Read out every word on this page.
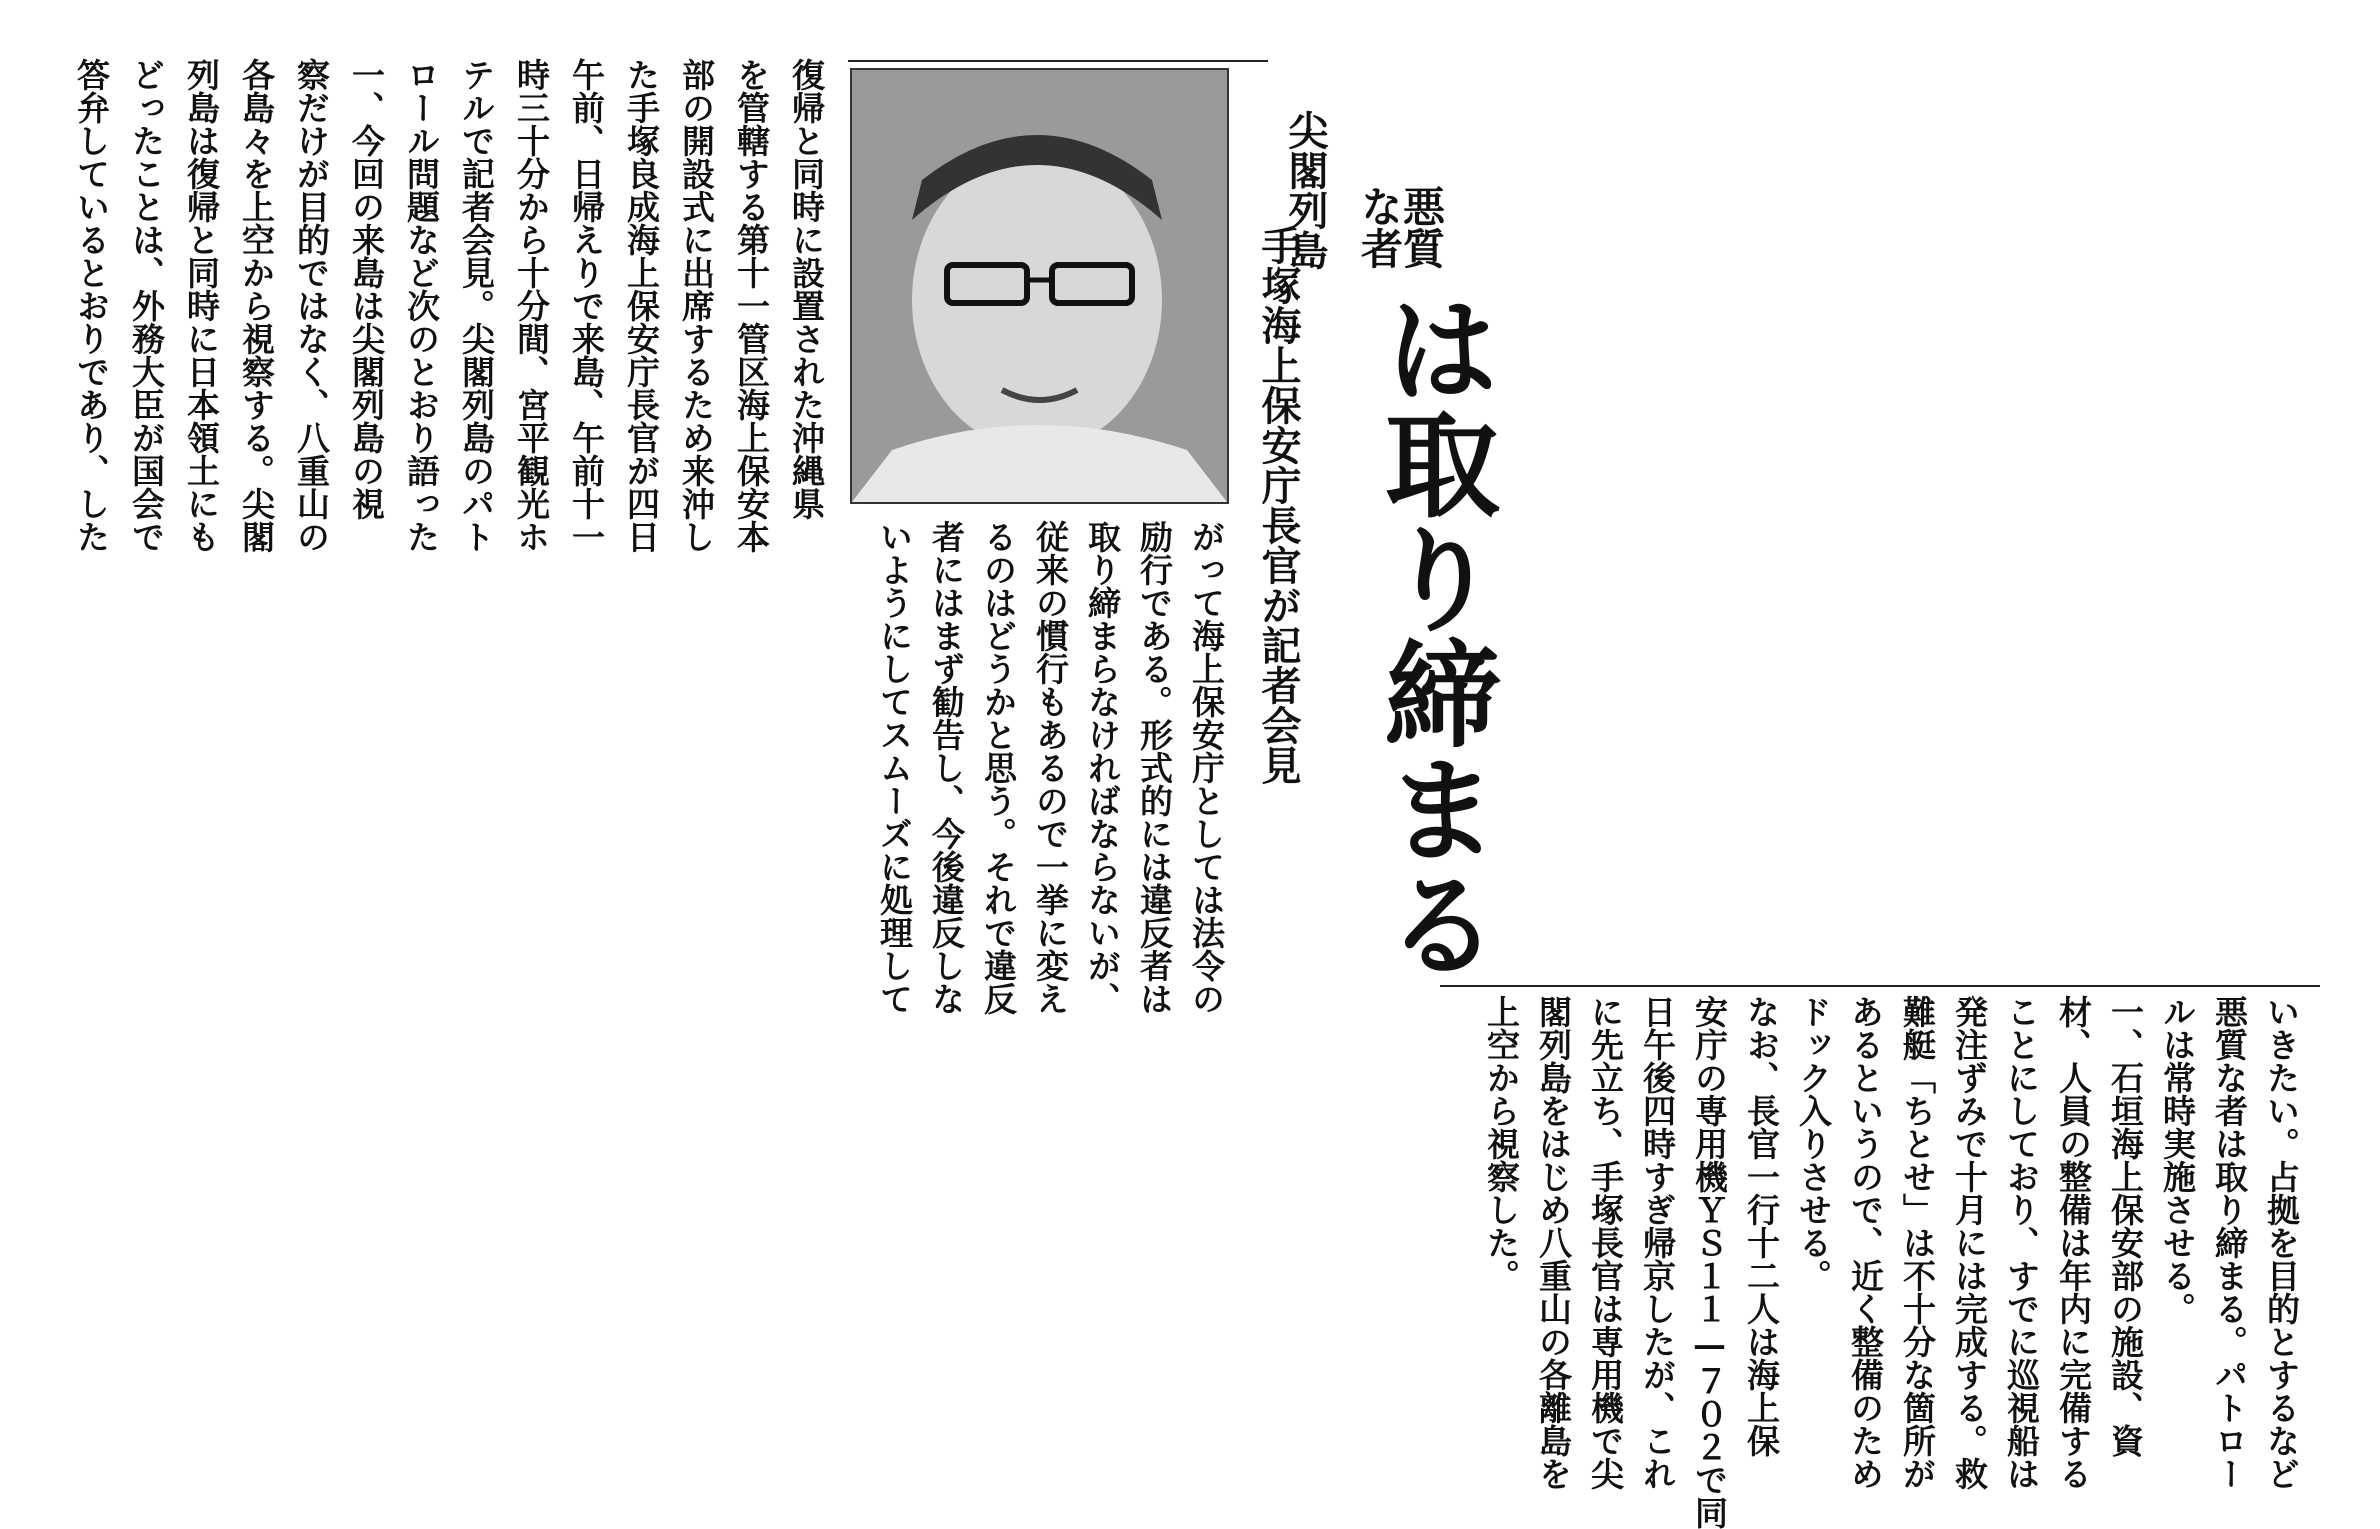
復帰と同時に設置された沖縄県
を管轄する第十一管区海上保安本
部の開設式に出席するため来沖し
た手塚良成海上保安庁長官が四日
午前、日帰えりで来島、午前十一
時三十分から十分間、宮平観光ホ
テルで記者会見。尖閣列島のパト
ロール問題など次のとおり語った
一、今回の来島は尖閣列島の視
察だけが目的ではなく、八重山の
各島々を上空から視察する。尖閣
列島は復帰と同時に日本領土にも
どったことは、外務大臣が国会で
答弁しているとおりであり、した	尖閣列島	悪質な者
は取り締まる
手塚海上保安庁長官が記者会見
がって海上保安庁としては法令の
励行である。形式的には違反者は
取り締まらなければならないが、
従来の慣行もあるので一挙に変え
るのはどうかと思う。それで違反
者にはまず勧告し、今後違反しな
いようにしてスムーズに処理して
いきたい。占拠を目的とするなど
悪質な者は取り締まる。パトロー
ルは常時実施させる。
一、石垣海上保安部の施設、資
材、人員の整備は年内に完備する
ことにしており、すでに巡視船は
発注ずみで十月には完成する。救
難艇「ちとせ」は不十分な箇所が
あるというので、近く整備のため
ドック入りさせる。
なお、長官一行十二人は海上保
安庁の専用機ＹＳ１１—７０２で同
日午後四時すぎ帰京したが、これ
に先立ち、手塚長官は専用機で尖
閣列島をはじめ八重山の各離島を
上空から視察した。
